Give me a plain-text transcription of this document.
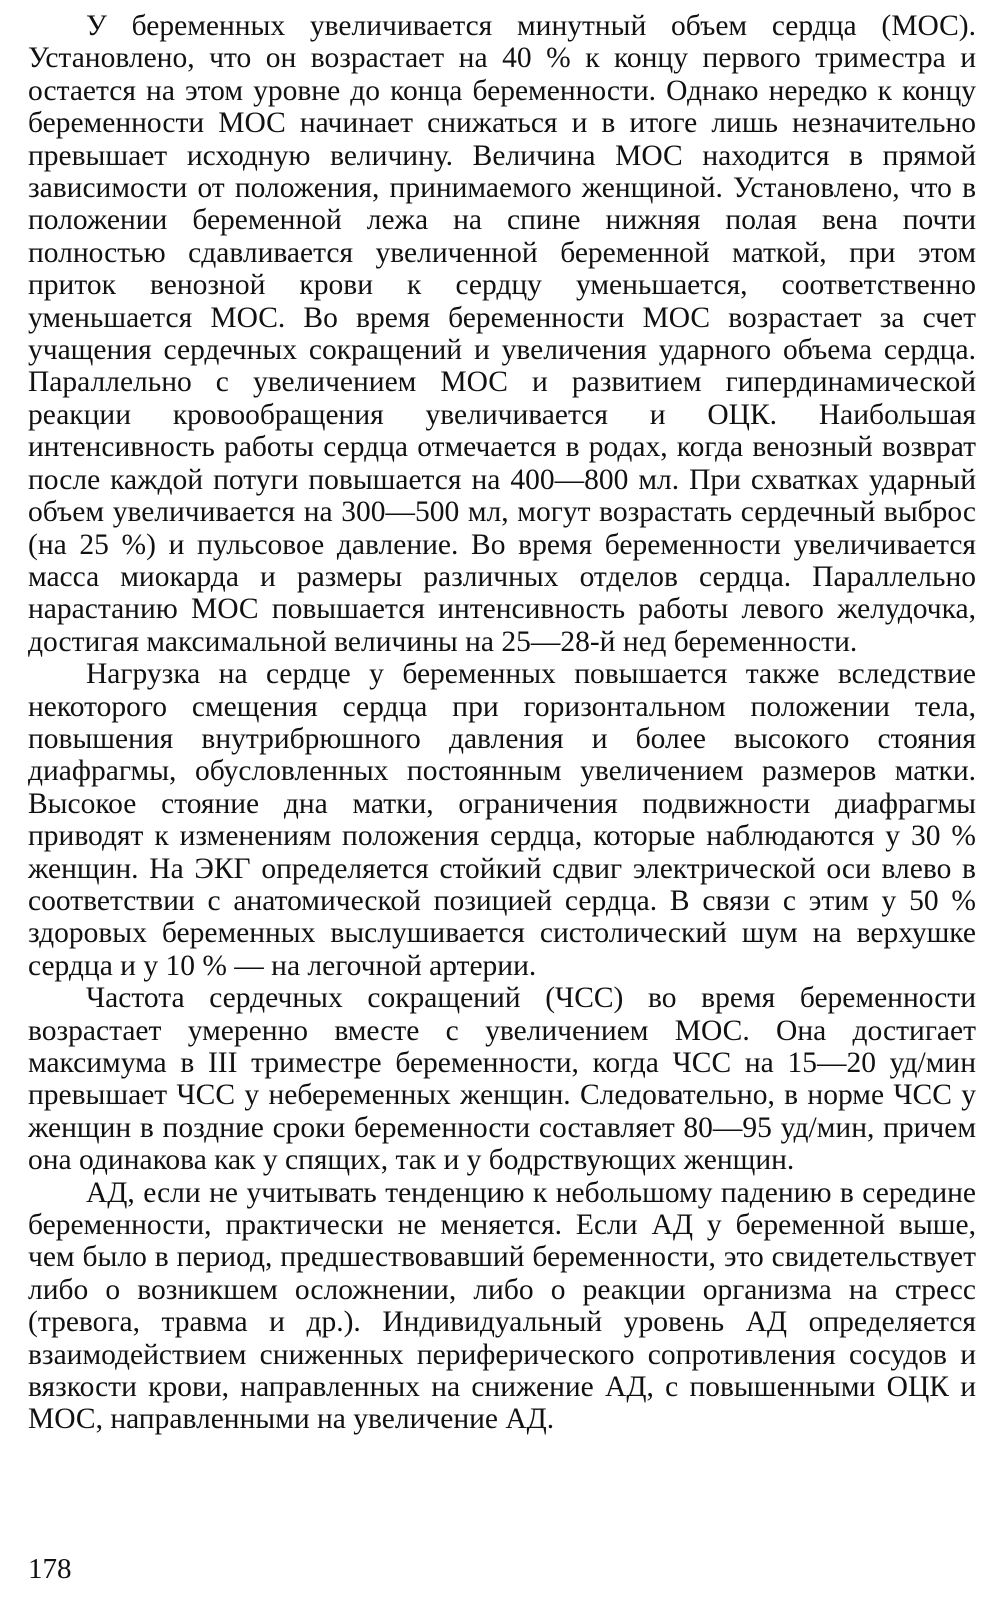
У беременных увеличивается минутный объем сердца (МОС). Установлено, что он возрастает на 40 % к концу первого триместра и остается на этом уровне до конца беременности. Однако нередко к концу беременности МОС начинает снижаться и в итоге лишь незначительно превышает исходную величину. Величина МОС находится в прямой зависимости от положения, принимаемого женщиной. Установлено, что в положении беременной лежа на спине нижняя полая вена почти полностью сдавливается увеличенной беременной маткой, при этом приток венозной крови к сердцу уменьшается, соответственно уменьшается МОС. Во время беременности МОС возрастает за счет учащения сердечных сокращений и увеличения ударного объема сердца. Параллельно с увеличением МОС и развитием гипердинамической реакции кровообращения увеличивается и ОЦК. Наибольшая интенсивность работы сердца отмечается в родах, когда венозный возврат после каждой потуги повышается на 400—800 мл. При схватках ударный объем увеличивается на 300—500 мл, могут возрастать сердечный выброс (на 25 %) и пульсовое давление. Во время беременности увеличивается масса миокарда и размеры различных отделов сердца. Параллельно нарастанию МОС повышается интенсивность работы левого желудочка, достигая максимальной величины на 25—28-й нед беременности.

Нагрузка на сердце у беременных повышается также вследствие некоторого смещения сердца при горизонтальном положении тела, повышения внутрибрюшного давления и более высокого стояния диафрагмы, обусловленных постоянным увеличением размеров матки. Высокое стояние дна матки, ограничения подвижности диафрагмы приводят к изменениям положения сердца, которые наблюдаются у 30 % женщин. На ЭКГ определяется стойкий сдвиг электрической оси влево в соответствии с анатомической позицией сердца. В связи с этим у 50 % здоровых беременных выслушивается систолический шум на верхушке сердца и у 10 % — на легочной артерии.

Частота сердечных сокращений (ЧСС) во время беременности возрастает умеренно вместе с увеличением МОС. Она достигает максимума в III триместре беременности, когда ЧСС на 15—20 уд/мин превышает ЧСС у небеременных женщин. Следовательно, в норме ЧСС у женщин в поздние сроки беременности составляет 80—95 уд/мин, причем она одинакова как у спящих, так и у бодрствующих женщин.

АД, если не учитывать тенденцию к небольшому падению в середине беременности, практически не меняется. Если АД у беременной выше, чем было в период, предшествовавший беременности, это свидетельствует либо о возникшем осложнении, либо о реакции организма на стресс (тревога, травма и др.). Индивидуальный уровень АД определяется взаимодействием сниженных периферического сопротивления сосудов и вязкости крови, направленных на снижение АД, с повышенными ОЦК и МОС, направленными на увеличение АД.

178
